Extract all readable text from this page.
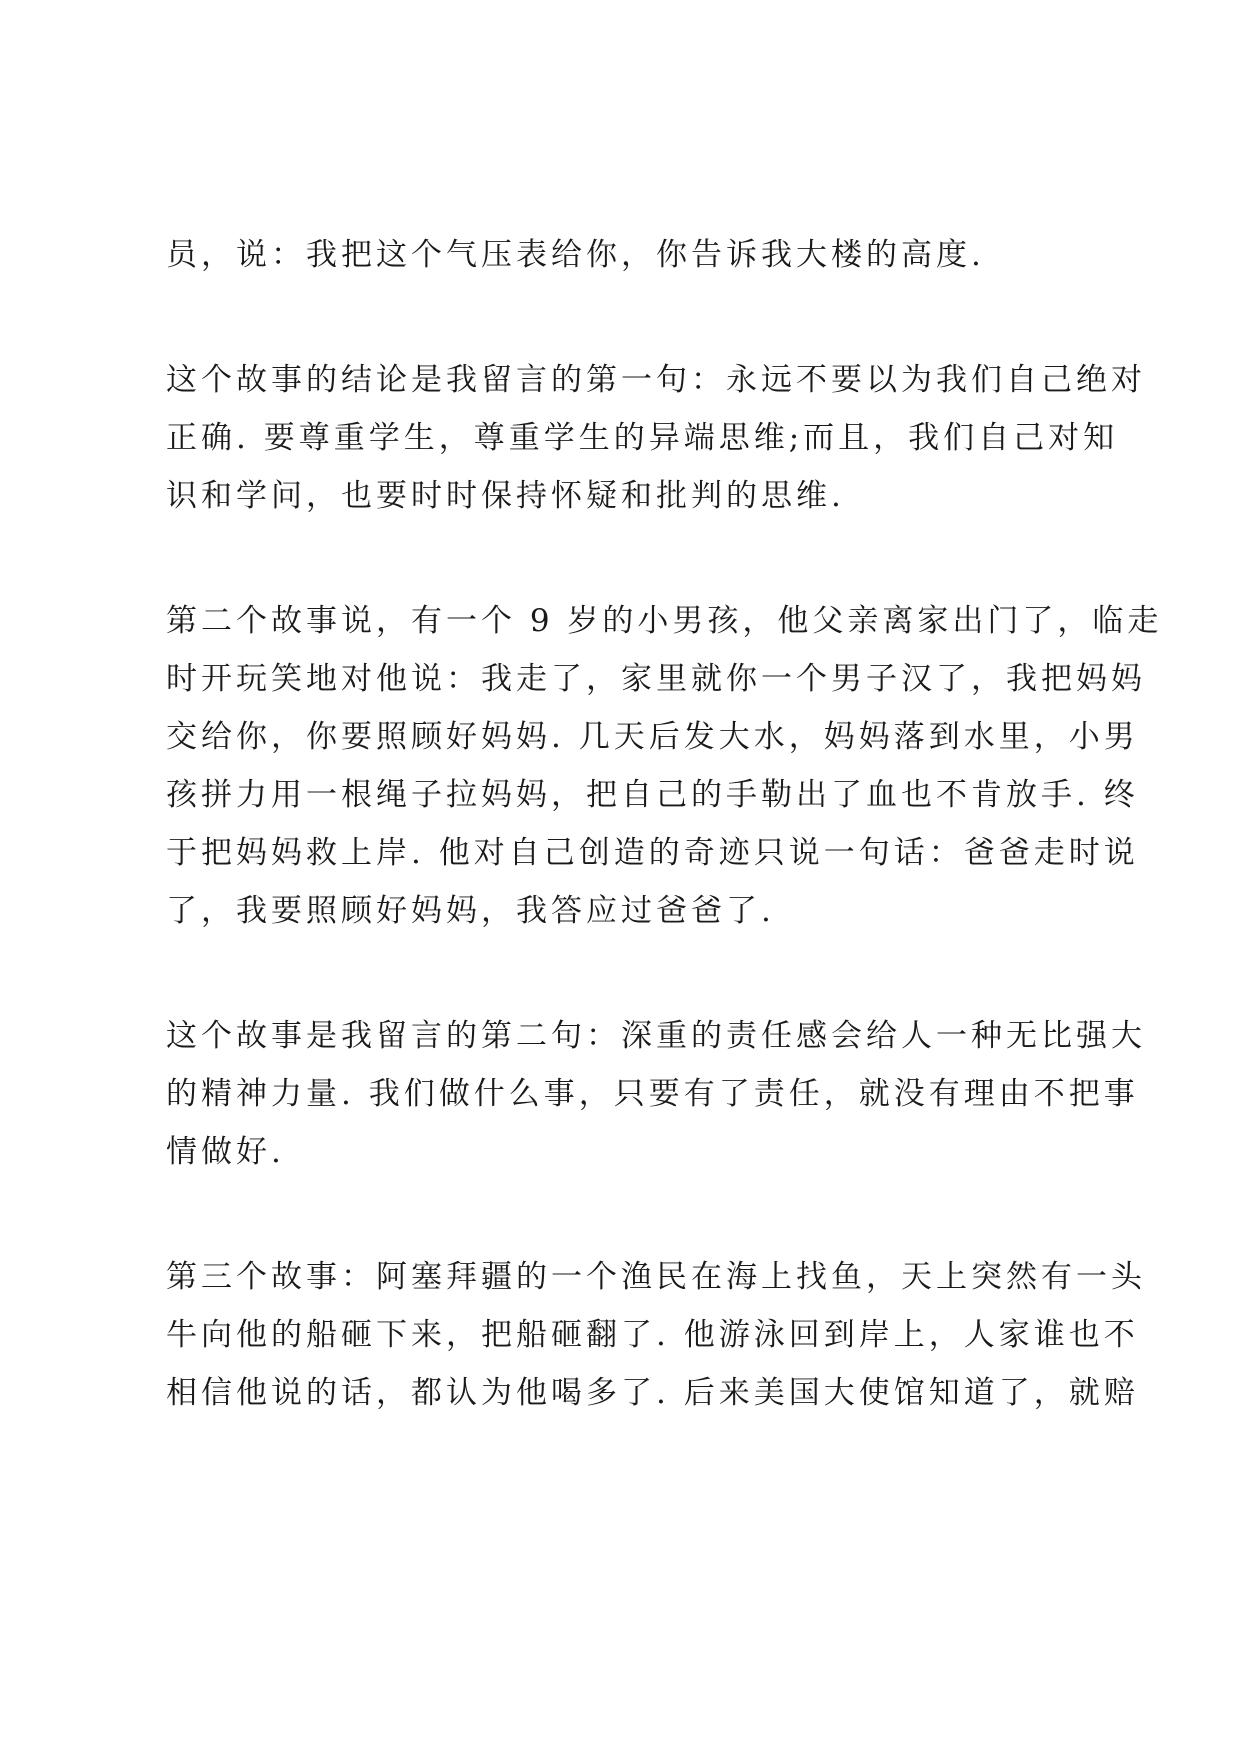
员，说：我把这个气压表给你，你告诉我大楼的高度.

这个故事的结论是我留言的第一句：永远不要以为我们自己绝对
正确. 要尊重学生，尊重学生的异端思维;而且，我们自己对知
识和学问，也要时时保持怀疑和批判的思维.

第二个故事说，有一个 9 岁的小男孩，他父亲离家出门了，临走
时开玩笑地对他说：我走了，家里就你一个男子汉了，我把妈妈
交给你，你要照顾好妈妈. 几天后发大水，妈妈落到水里，小男
孩拼力用一根绳子拉妈妈，把自己的手勒出了血也不肯放手. 终
于把妈妈救上岸. 他对自己创造的奇迹只说一句话：爸爸走时说
了，我要照顾好妈妈，我答应过爸爸了.

这个故事是我留言的第二句：深重的责任感会给人一种无比强大
的精神力量. 我们做什么事，只要有了责任，就没有理由不把事
情做好.

第三个故事：阿塞拜疆的一个渔民在海上找鱼，天上突然有一头
牛向他的船砸下来，把船砸翻了. 他游泳回到岸上，人家谁也不
相信他说的话，都认为他喝多了. 后来美国大使馆知道了，就赔
